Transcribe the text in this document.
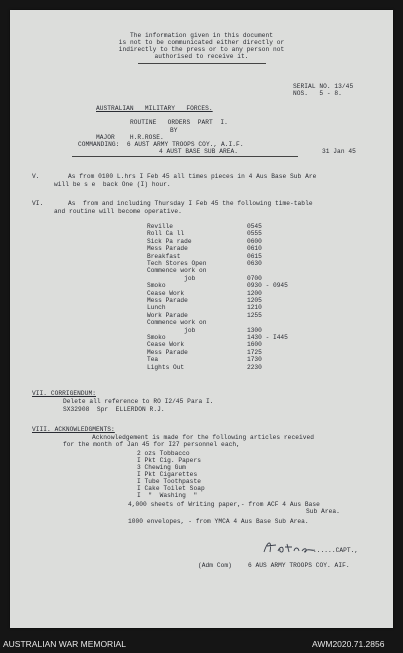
The information given in this document
is not to be communicated either directly or
indirectly to the press or to any person not
authorised to receive it.
SERIAL NO. 13/45
NOS.   5 - 8.
AUSTRALIAN   MILITARY   FORCES.
ROUTINE   ORDERS  PART  I.
BY
MAJOR    H.R.ROSE.
COMMANDING:  6 AUST ARMY TROOPS COY., A.I.F.
4 AUST BASE SUB AREA.	31 Jan 45
V.	As from 0100 L.hrs I Feb 45 all times pieces in 4 Aus Base Sub Are
will be s e  back One (I) hour.
VI.	As  from and including Thursday I Feb 45 the following time-table
and routine will become operative.
Reville	0545
Roll Ca ll	0555
Sick Pa rade	0600
Mess Parade	0610
Breakfast	0615
Tech Stores Open	0630
Commence work on
job	0700
Smoko	0930 - 0945
Cease Work	1200
Mess Parade	1205
Lunch	1210
Work Parade	1255
Commence work on
job	1300
Smoko	1430 - I445
Cease Work	1600
Mess Parade	1725
Tea	1730
Lights Out	2230
VII. CORRIGENDUM:
Delete all reference to RO I2/45 Para I.
SX32908  Spr  ELLERDON R.J.
VIII. ACKNOWLEDGMENTS:
Acknowledgement is made for the following articles received
for the month of Jan 45 for I27 personnel each,
2 ozs Tobbacco
I Pkt Cig. Papers
3 Chewing Gum
I Pkt Cigarettes
I Tube Toothpaste
I Cake Toilet Soap
I  "  Washing  "
4,000 sheets of Writing paper,- from ACF 4 Aus Base
Sub Area.
1000 envelopes, - from YMCA 4 Aus Base Sub Area.
......CAPT.,
(Adm Com)	6 AUS ARMY TROOPS COY. AIF.
AUSTRALIAN WAR MEMORIAL	AWM2020.71.2856
